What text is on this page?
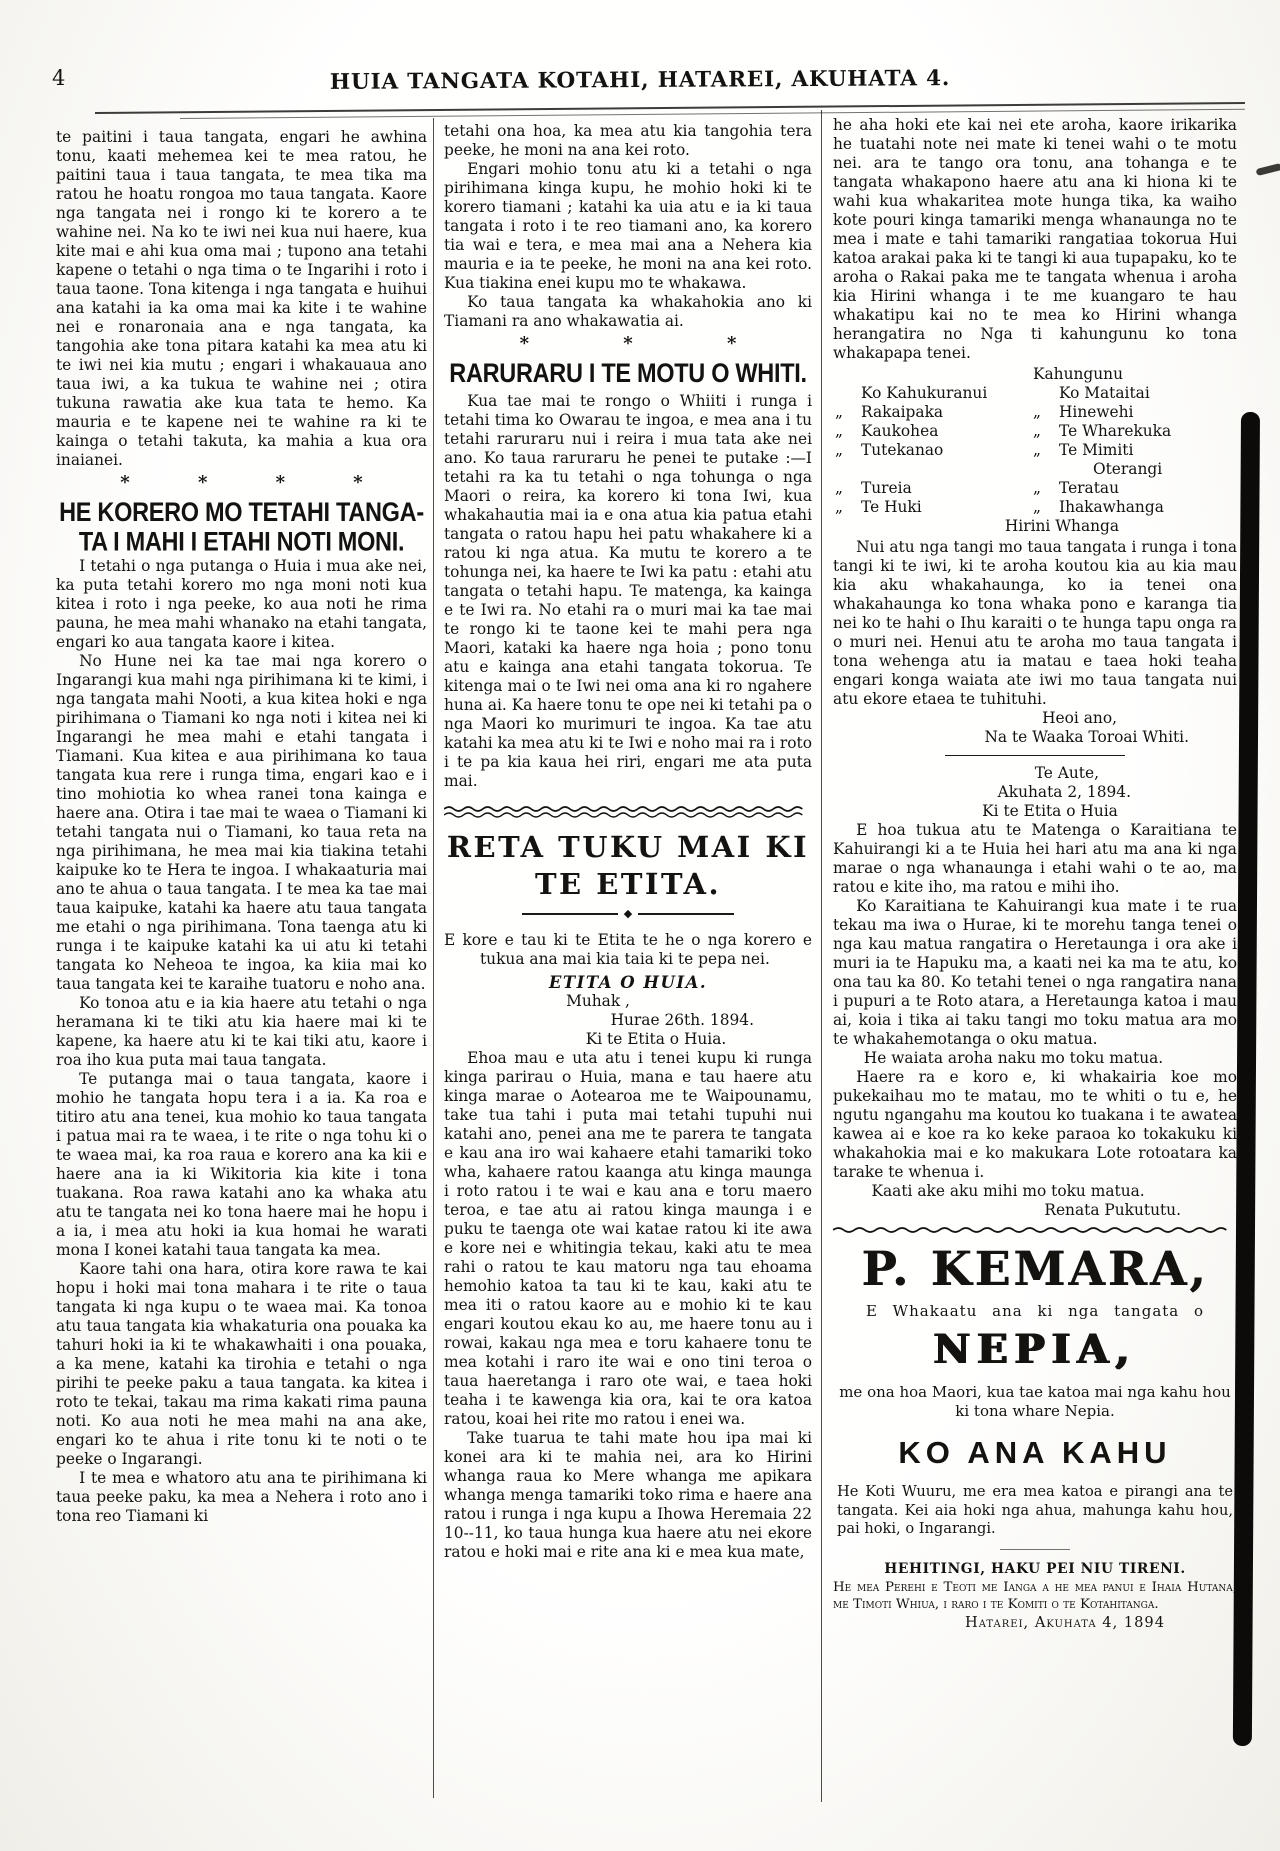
4	HUIA TANGATA KOTAHI, HATAREI, AKUHATA 4.

te paitini i taua tangata, engari he awhina tonu, kaati mehemea kei te mea ratou, he paitini taua i taua tangata, te mea tika ma ratou he hoatu rongoa mo taua tangata. Kaore nga tangata nei i rongo ki te korero a te wahine nei. Na ko te iwi nei kua nui haere, kua kite mai e ahi kua oma mai ; tupono ana tetahi kapene o tetahi o nga tima o te Ingarihi i roto i taua taone. Tona kitenga i nga tangata e huihui ana katahi ia ka oma mai ka kite i te wahine nei e ronaronaia ana e nga tangata, ka tangohia ake tona pitara katahi ka mea atu ki te iwi nei kia mutu ; engari i whakauaua ano taua iwi, a ka tukua te wahine nei ; otira tukuna rawatia ake kua tata te hemo. Ka mauria e te kapene nei te wahine ra ki te kainga o tetahi takuta, ka mahia a kua ora inaianei.

* * * *

HE KORERO MO TETAHI TANGA-TA I MAHI I ETAHI NOTI MONI.

I tetahi o nga putanga o Huia i mua ake nei, ka puta tetahi korero mo nga moni noti kua kitea i roto i nga peeke, ko aua noti he rima pauna, he mea mahi whanako na etahi tangata, engari ko aua tangata kaore i kitea.

No Hune nei ka tae mai nga korero o Ingarangi kua mahi nga pirihimana ki te kimi, i nga tangata mahi Nooti, a kua kitea hoki e nga pirihimana o Tiamani ko nga noti i kitea nei ki Ingarangi he mea mahi e etahi tangata i Tiamani. Kua kitea e aua pirihimana ko taua tangata kua rere i runga tima, engari kao e i tino mohiotia ko whea ranei tona kainga e haere ana. Otira i tae mai te waea o Tiamani ki tetahi tangata nui o Tiamani, ko taua reta na nga pirihimana, he mea mai kia tiakina tetahi kaipuke ko te Hera te ingoa. I whakaaturia mai ano te ahua o taua tangata. I te mea ka tae mai taua kaipuke, katahi ka haere atu taua tangata me etahi o nga pirihimana. Tona taenga atu ki runga i te kaipuke katahi ka ui atu ki tetahi tangata ko Neheoa te ingoa, ka kiia mai ko taua tangata kei te karaihe tuatoru e noho ana.

Ko tonoa atu e ia kia haere atu tetahi o nga heramana ki te tiki atu kia haere mai ki te kapene, ka haere atu ki te kai tiki atu, kaore i roa iho kua puta mai taua tangata.

Te putanga mai o taua tangata, kaore i mohio he tangata hopu tera i a ia. Ka roa e titiro atu ana tenei, kua mohio ko taua tangata i patua mai ra te waea, i te rite o nga tohu ki o te waea mai, ka roa raua e korero ana ka kii e haere ana ia ki Wikitoria kia kite i tona tuakana. Roa rawa katahi ano ka whaka atu atu te tangata nei ko tona haere mai he hopu i a ia, i mea atu hoki ia kua homai he warati mona I konei katahi taua tangata ka mea.

Kaore tahi ona hara, otira kore rawa te kai hopu i hoki mai tona mahara i te rite o taua tangata ki nga kupu o te waea mai. Ka tonoa atu taua tangata kia whakaturia ona pouaka ka tahuri hoki ia ki te whakawhaiti i ona pouaka, a ka mene, katahi ka tirohia e tetahi o nga pirihi te peeke paku a taua tangata. ka kitea i roto te tekai, takau ma rima kakati rima pauna noti. Ko aua noti he mea mahi na ana ake, engari ko te ahua i rite tonu ki te noti o te peeke o Ingarangi.

I te mea e whatoro atu ana te pirihimana ki taua peeke paku, ka mea a Nehera i roto ano i tona reo Tiamani ki

tetahi ona hoa, ka mea atu kia tangohia tera peeke, he moni na ana kei roto.

Engari mohio tonu atu ki a tetahi o nga pirihimana kinga kupu, he mohio hoki ki te korero tiamani ; katahi ka uia atu e ia ki taua tangata i roto i te reo tiamani ano, ka korero tia wai e tera, e mea mai ana a Nehera kia mauria e ia te peeke, he moni na ana kei roto. Kua tiakina enei kupu mo te whakawa.

Ko taua tangata ka whakahokia ano ki Tiamani ra ano whakawatia ai.

* * *

RARURARU I TE MOTU O WHITI.

Kua tae mai te rongo o Whiiti i runga i tetahi tima ko Owarau te ingoa, e mea ana i tu tetahi raruraru nui i reira i mua tata ake nei ano. Ko taua raruraru he penei te putake :—I tetahi ra ka tu tetahi o nga tohunga o nga Maori o reira, ka korero ki tona Iwi, kua whakahautia mai ia e ona atua kia patua etahi tangata o ratou hapu hei patu whakahere ki a ratou ki nga atua. Ka mutu te korero a te tohunga nei, ka haere te Iwi ka patu : etahi atu tangata o tetahi hapu. Te matenga, ka kainga e te Iwi ra. No etahi ra o muri mai ka tae mai te rongo ki te taone kei te mahi pera nga Maori, kataki ka haere nga hoia ; pono tonu atu e kainga ana etahi tangata tokorua. Te kitenga mai o te Iwi nei oma ana ki ro ngahere huna ai. Ka haere tonu te ope nei ki tetahi pa o nga Maori ko murimuri te ingoa. Ka tae atu katahi ka mea atu ki te Iwi e noho mai ra i roto i te pa kia kaua hei riri, engari me ata puta mai.

RETA TUKU MAI KI TE ETITA.
◆

E kore e tau ki te Etita te he o nga korero e tukua ana mai kia taia ki te pepa nei.

ETITA O HUIA.

Muhak ,

Hurae 26th. 1894.

Ki te Etita o Huia.

Ehoa mau e uta atu i tenei kupu ki runga kinga parirau o Huia, mana e tau haere atu kinga marae o Aotearoa me te Waipounamu, take tua tahi i puta mai tetahi tupuhi nui katahi ano, penei ana me te parera te tangata e kau ana iro wai kahaere etahi tamariki toko wha, kahaere ratou kaanga atu kinga maunga i roto ratou i te wai e kau ana e toru maero teroa, e tae atu ai ratou kinga maunga i e puku te taenga ote wai katae ratou ki ite awa e kore nei e whitingia tekau, kaki atu te mea rahi o ratou te kau matoru nga tau ehoama hemohio katoa ta tau ki te kau, kaki atu te mea iti o ratou kaore au e mohio ki te kau engari koutou ekau ko au, me haere tonu au i rowai, kakau nga mea e toru kahaere tonu te mea kotahi i raro ite wai e ono tini teroa o taua haeretanga i raro ote wai, e taea hoki teaha i te kawenga kia ora, kai te ora katoa ratou, koai hei rite mo ratou i enei wa.

Take tuarua te tahi mate hou ipa mai ki konei ara ki te mahia nei, ara ko Hirini whanga raua ko Mere whanga me apikara whanga menga tamariki toko rima e haere ana ratou i runga i nga kupu a Ihowa Heremaia 22 10--11, ko taua hunga kua haere atu nei ekore ratou e hoki mai e rite ana ki e mea kua mate,

he aha hoki ete kai nei ete aroha, kaore irikarika he tuatahi note nei mate ki tenei wahi o te motu nei. ara te tango ora tonu, ana tohanga e te tangata whakapono haere atu ana ki hiona ki te wahi kua whakaritea mote hunga tika, ka waiho kote pouri kinga tamariki menga whanaunga no te mea i mate e tahi tamariki rangatiaa tokorua Hui katoa arakai paka ki te tangi ki aua tupapaku, ko te aroha o Rakai paka me te tangata whenua i aroha kia Hirini whanga i te me kuangaro te hau whakatipu kai no te mea ko Hirini whanga herangatira no Nga ti kahungunu ko tona whakapapa tenei.

Kahungunu

Ko Kahukuranui	Ko Mataitai
„ Rakaipaka	„ Hinewehi
„ Kaukohea	„ Te Wharekuka
„ Tutekanao	„ Te Mimiti
Oterangi
„ Tureia	„ Teratau
„ Te Huki	„ Ihakawhanga

Hirini Whanga

Nui atu nga tangi mo taua tangata i runga i tona tangi ki te iwi, ki te aroha koutou kia au kia mau kia aku whakahaunga, ko ia tenei ona whakahaunga ko tona whaka pono e karanga tia nei ko te hahi o Ihu karaiti o te hunga tapu onga ra o muri nei. Henui atu te aroha mo taua tangata i tona wehenga atu ia matau e taea hoki teaha engari konga waiata ate iwi mo taua tangata nui atu ekore etaea te tuhituhi.

Heoi ano,

Na te Waaka Toroai Whiti.

Te Aute,

Akuhata 2, 1894.

Ki te Etita o Huia

E hoa tukua atu te Matenga o Karaitiana te Kahuirangi ki a te Huia hei hari atu ma ana ki nga marae o nga whanaunga i etahi wahi o te ao, ma ratou e kite iho, ma ratou e mihi iho.

Ko Karaitiana te Kahuirangi kua mate i te rua tekau ma iwa o Hurae, ki te morehu tanga tenei o nga kau matua rangatira o Heretaunga i ora ake i muri ia te Hapuku ma, a kaati nei ka ma te atu, ko ona tau ka 80. Ko tetahi tenei o nga rangatira nana i pupuri a te Roto atara, a Heretaunga katoa i mau ai, koia i tika ai taku tangi mo toku matua ara mo te whakahemotanga o oku matua.

He waiata aroha naku mo toku matua.

Haere ra e koro e, ki whakairia koe mo pukekaihau mo te matau, mo te whiti o tu e, he ngutu ngangahu ma koutou ko tuakana i te awatea kawea ai e koe ra ko keke paraoa ko tokakuku ki whakahokia mai e ko makukara Lote rotoatara ka tarake te whenua i.

Kaati ake aku mihi mo toku matua.

Renata Pukututu.

P. KEMARA,

E Whakaatu ana ki nga tangata o

NEPIA,

me ona hoa Maori, kua tae katoa mai nga kahu hou ki tona whare Nepia.

KO ANA KAHU

He Koti Wuuru, me era mea katoa e pirangi ana te tangata. Kei aia hoki nga ahua, mahunga kahu hou, pai hoki, o Ingarangi.

HEHITINGI, HAKU PEI NIU TIRENI.

He mea Perehi e Teoti me Ianga a he mea panui e Ihaia Hutana, me Timoti Whiua, i raro i te Komiti o te Kotahitanga.

Hatarei, Akuhata 4, 1894
